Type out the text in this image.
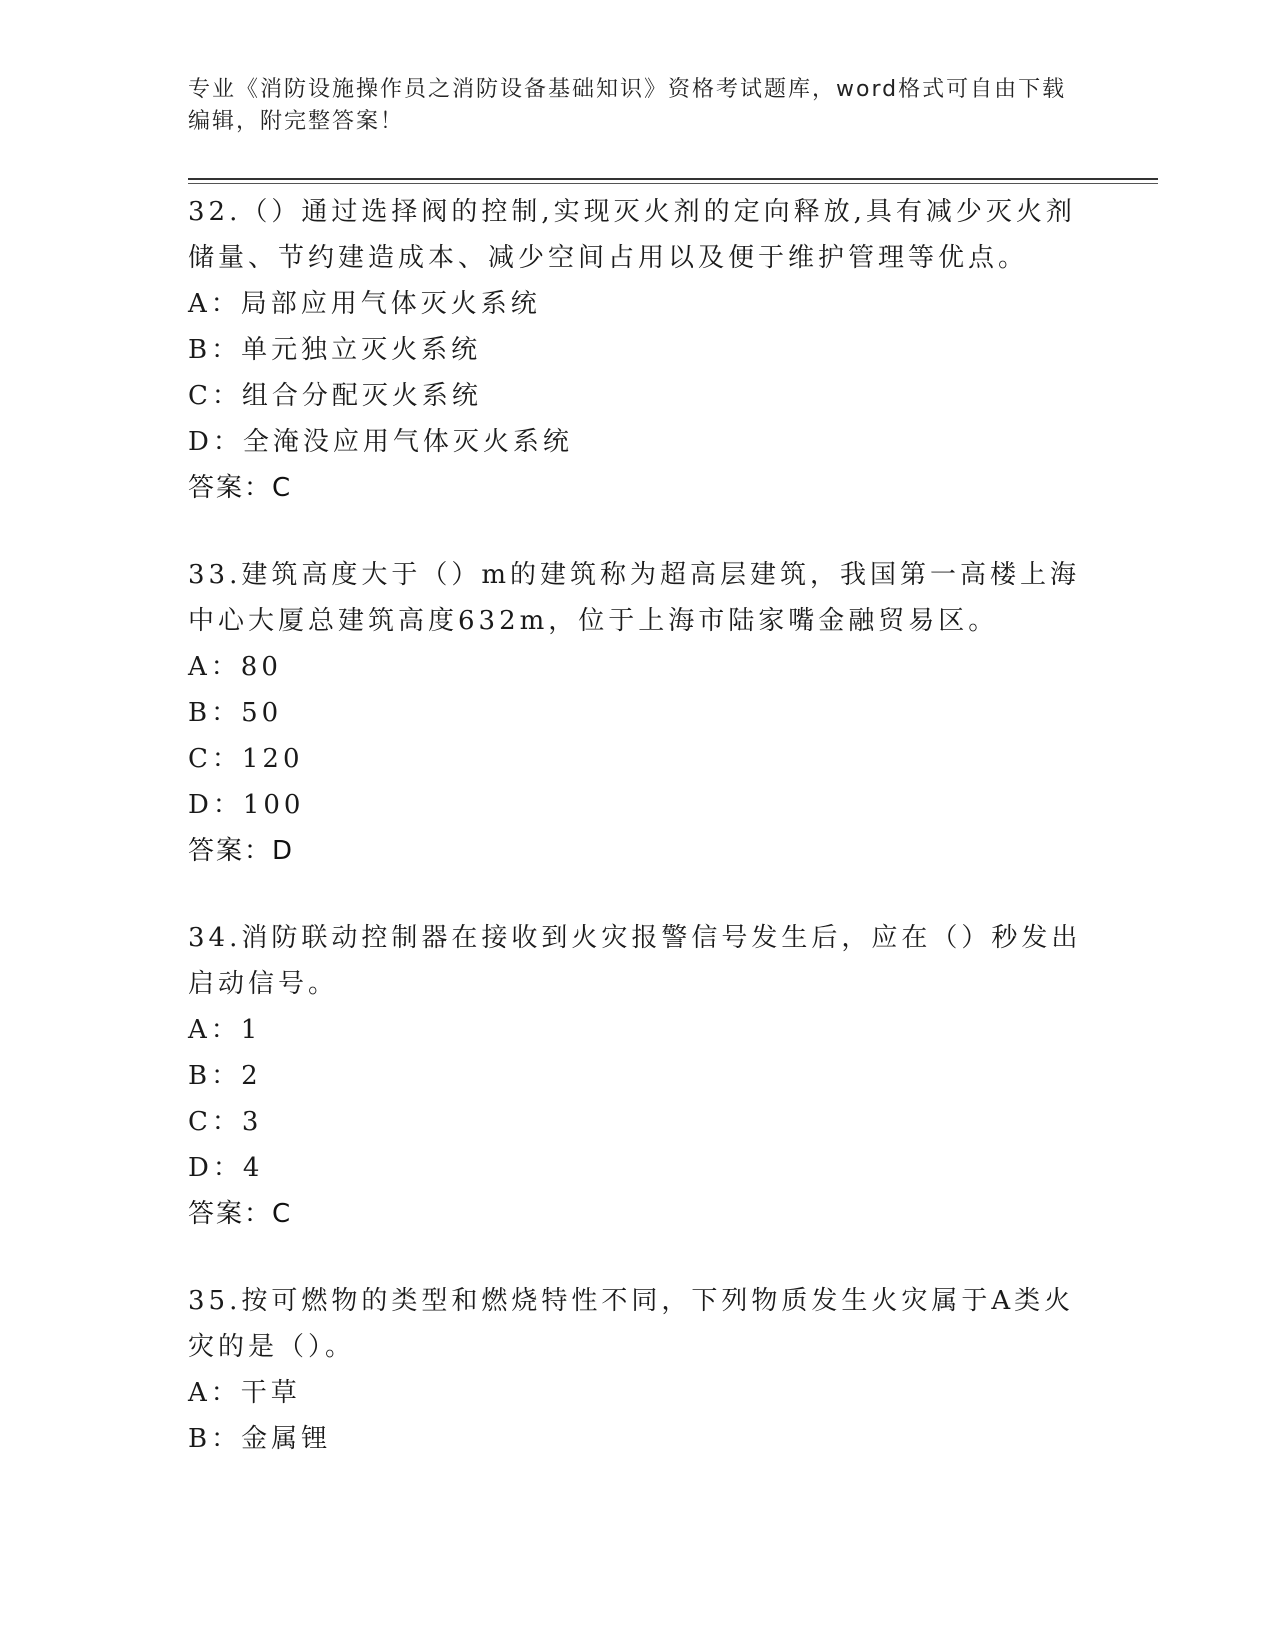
专业《消防设施操作员之消防设备基础知识》资格考试题库，word格式可自由下载编辑，附完整答案！
32.（）通过选择阀的控制,实现灭火剂的定向释放,具有减少灭火剂储量、节约建造成本、减少空间占用以及便于维护管理等优点。
A：局部应用气体灭火系统
B：单元独立灭火系统
C：组合分配灭火系统
D：全淹没应用气体灭火系统
答案：C
33.建筑高度大于（）m的建筑称为超高层建筑，我国第一高楼上海中心大厦总建筑高度632m，位于上海市陆家嘴金融贸易区。
A：80
B：50
C：120
D：100
答案：D
34.消防联动控制器在接收到火灾报警信号发生后，应在（）秒发出启动信号。
A：1
B：2
C：3
D：4
答案：C
35.按可燃物的类型和燃烧特性不同，下列物质发生火灾属于A类火灾的是（）。
A：干草
B：金属锂
